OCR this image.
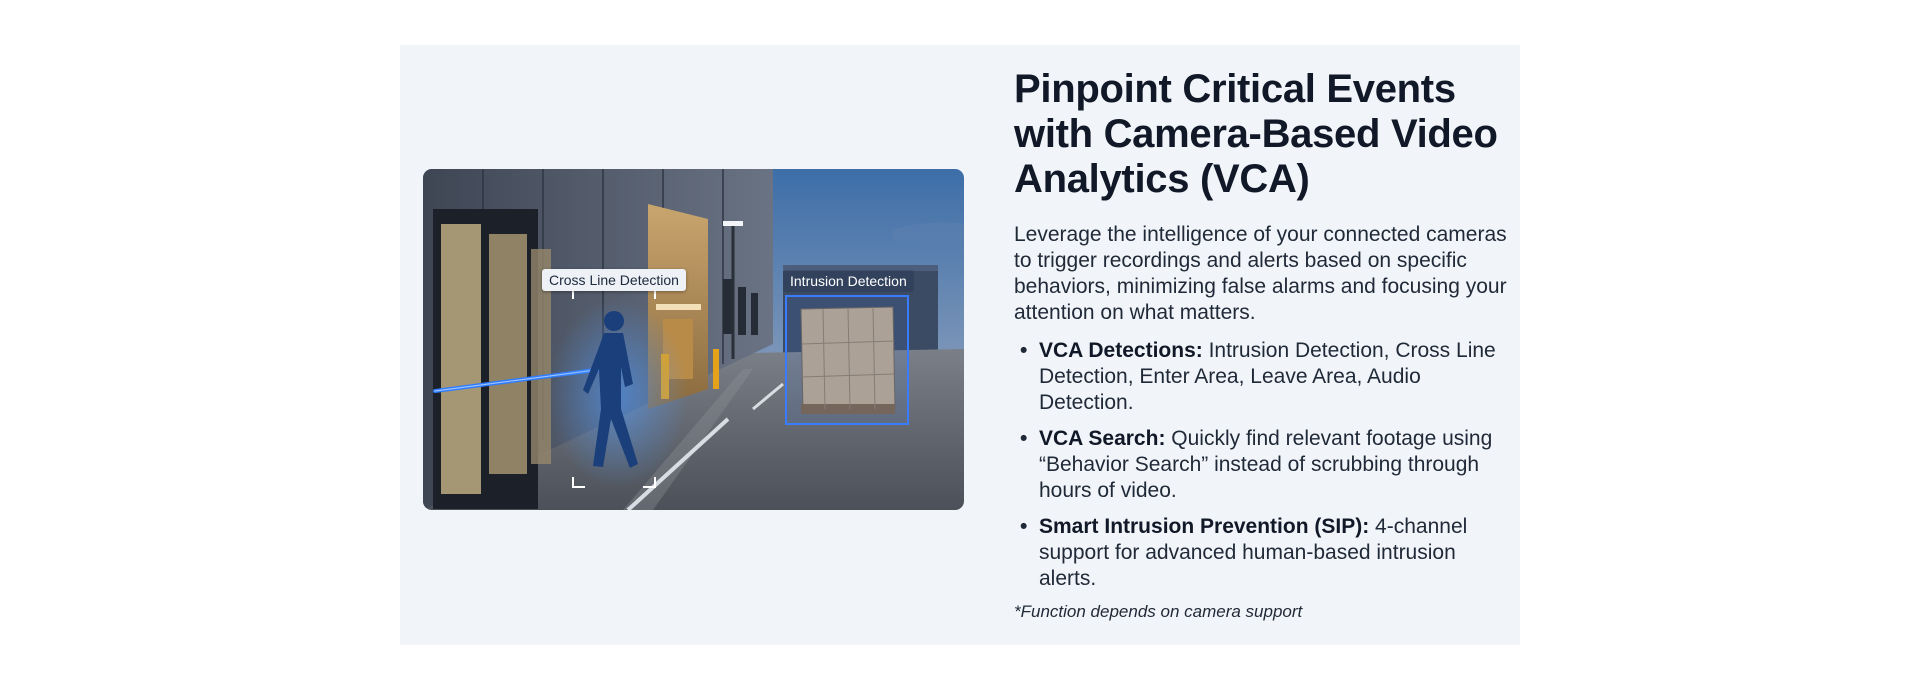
Cross Line Detection	Intrusion Detection
Pinpoint Critical Events with Camera-Based Video Analytics (VCA)

Leverage the intelligence of your connected cameras to trigger recordings and alerts based on specific behaviors, minimizing false alarms and focusing your attention on what matters.

• VCA Detections: Intrusion Detection, Cross Line Detection, Enter Area, Leave Area, Audio Detection.
• VCA Search: Quickly find relevant footage using “Behavior Search” instead of scrubbing through hours of video.
• Smart Intrusion Prevention (SIP): 4-channel support for advanced human-based intrusion alerts.

*Function depends on camera support
